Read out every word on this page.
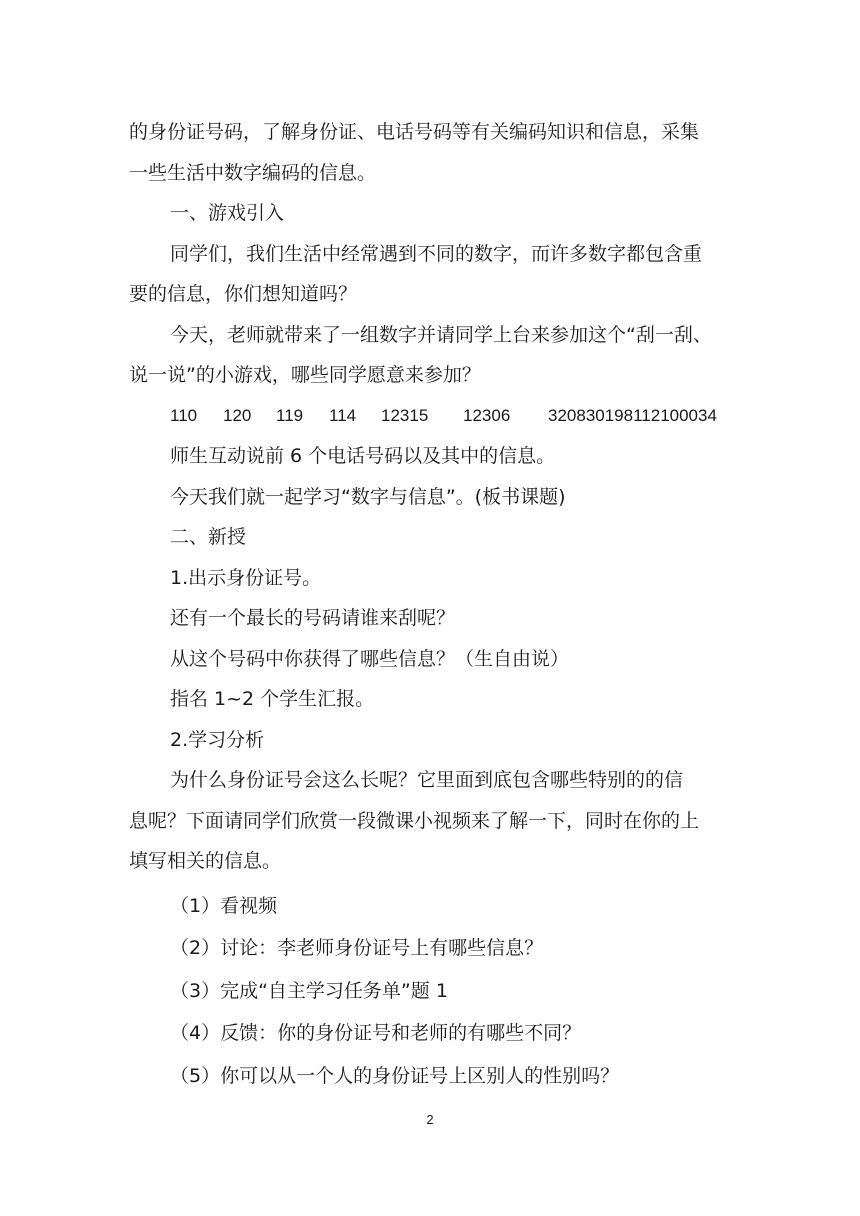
的身份证号码，了解身份证、电话号码等有关编码知识和信息，采集

一些生活中数字编码的信息。

一、游戏引入

同学们，我们生活中经常遇到不同的数字，而许多数字都包含重

要的信息，你们想知道吗？

今天，老师就带来了一组数字并请同学上台来参加这个“刮一刮、

说一说”的小游戏，哪些同学愿意来参加？

110	120	119	114	12315	12306	320830198112100034

师生互动说前 6 个电话号码以及其中的信息。

今天我们就一起学习“数字与信息”。(板书课题)

二、新授

1.出示身份证号。

还有一个最长的号码请谁来刮呢？

从这个号码中你获得了哪些信息？（生自由说）

指名 1~2 个学生汇报。

2.学习分析

为什么身份证号会这么长呢？它里面到底包含哪些特别的的信

息呢？下面请同学们欣赏一段微课小视频来了解一下，同时在你的上

填写相关的信息。

（1）看视频

（2）讨论：李老师身份证号上有哪些信息？

（3）完成“自主学习任务单”题 1

（4）反馈：你的身份证号和老师的有哪些不同？

（5）你可以从一个人的身份证号上区别人的性别吗？

2
